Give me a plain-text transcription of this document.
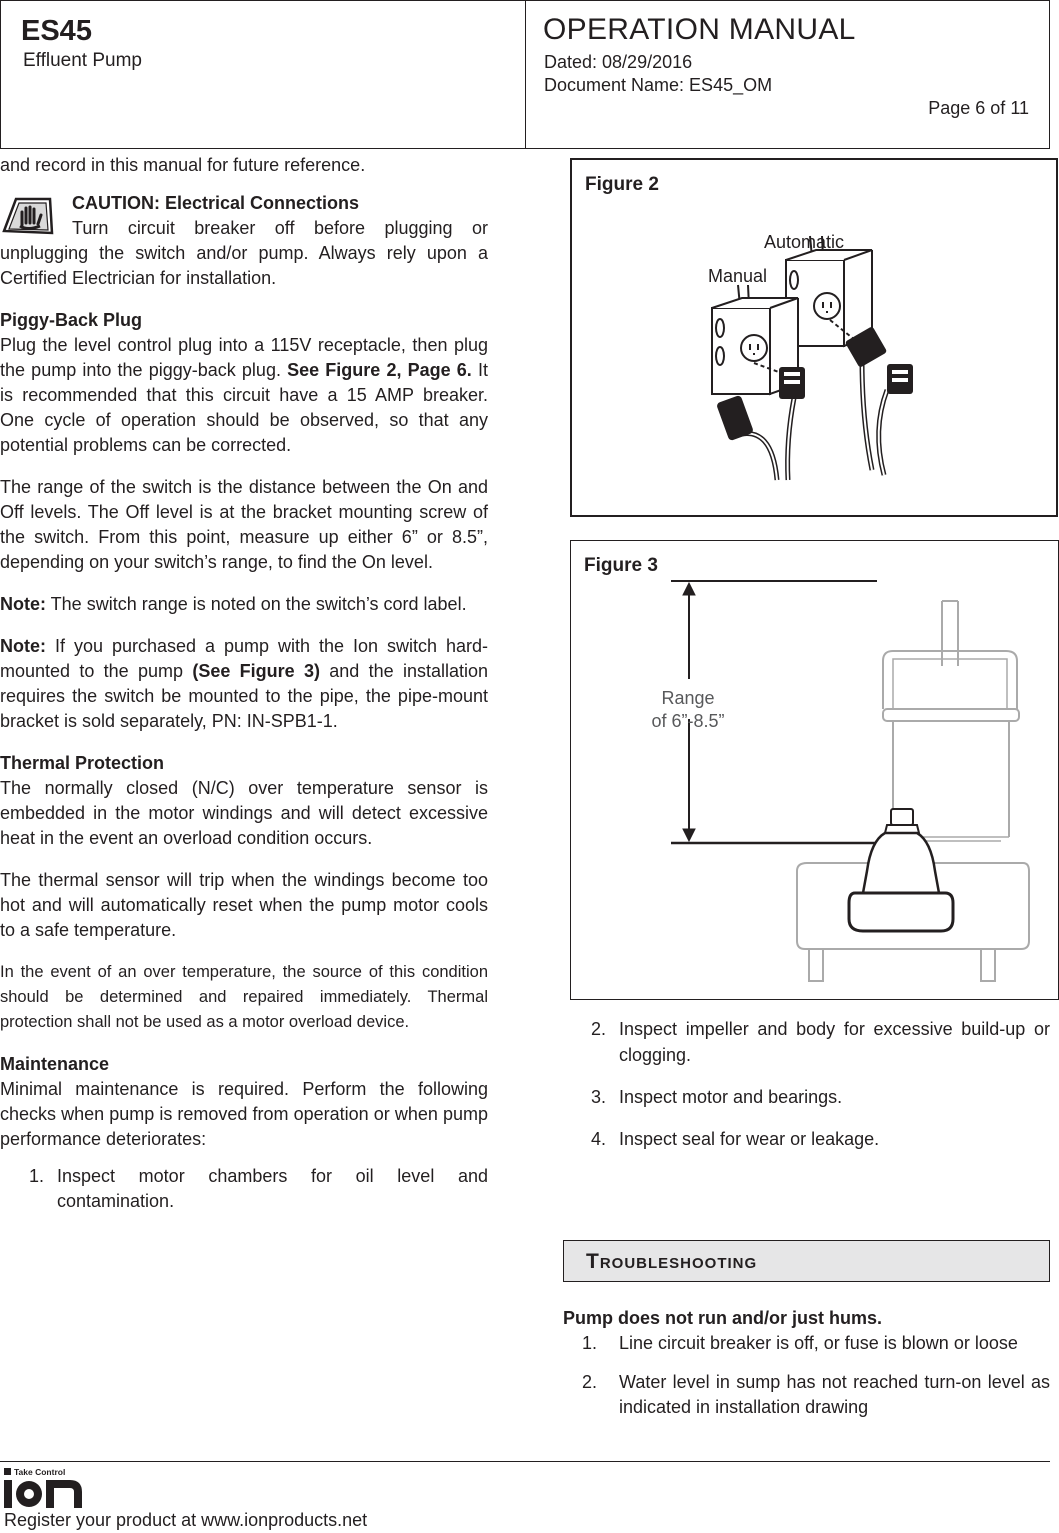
ES45
Effluent Pump
OPERATION MANUAL
Dated: 08/29/2016
Document Name: ES45_OM
Page 6 of 11

and record in this manual for future reference.

CAUTION: Electrical Connections
Turn circuit breaker off before plugging or unplugging the switch and/or pump. Always rely upon a Certified Electrician for installation.

Piggy-Back Plug
Plug the level control plug into a 115V receptacle, then plug the pump into the piggy-back plug. See Figure 2, Page 6. It is recommended that this circuit have a 15 AMP breaker. One cycle of operation should be observed, so that any potential problems can be corrected.

The range of the switch is the distance between the On and Off levels. The Off level is at the bracket mounting screw of the switch. From this point, measure up either 6” or 8.5”, depending on your switch’s range, to find the On level.

Note: The switch range is noted on the switch’s cord label.

Note: If you purchased a pump with the Ion switch hard-mounted to the pump (See Figure 3) and the installation requires the switch be mounted to the pipe, the pipe-mount bracket is sold separately, PN: IN-SPB1-1.

Thermal Protection
The normally closed (N/C) over temperature sensor is embedded in the motor windings and will detect excessive heat in the event an overload condition occurs.

The thermal sensor will trip when the windings become too hot and will automatically reset when the pump motor cools to a safe temperature.

In the event of an over temperature, the source of this condition should be determined and repaired immediately. Thermal protection shall not be used as a motor overload device.

Maintenance
Minimal maintenance is required. Perform the following checks when pump is removed from operation or when pump performance deteriorates:

1. Inspect motor chambers for oil level and contamination.
Figure 2
Automatic
Manual
Figure 3
Range
of 6”-8.5”
2. Inspect impeller and body for excessive build-up or clogging.
3. Inspect motor and bearings.
4. Inspect seal for wear or leakage.
Troubleshooting
Pump does not run and/or just hums.
1. Line circuit breaker is off, or fuse is blown or loose
2. Water level in sump has not reached turn-on level as indicated in installation drawing
Take Control
Register your product at www.ionproducts.net
